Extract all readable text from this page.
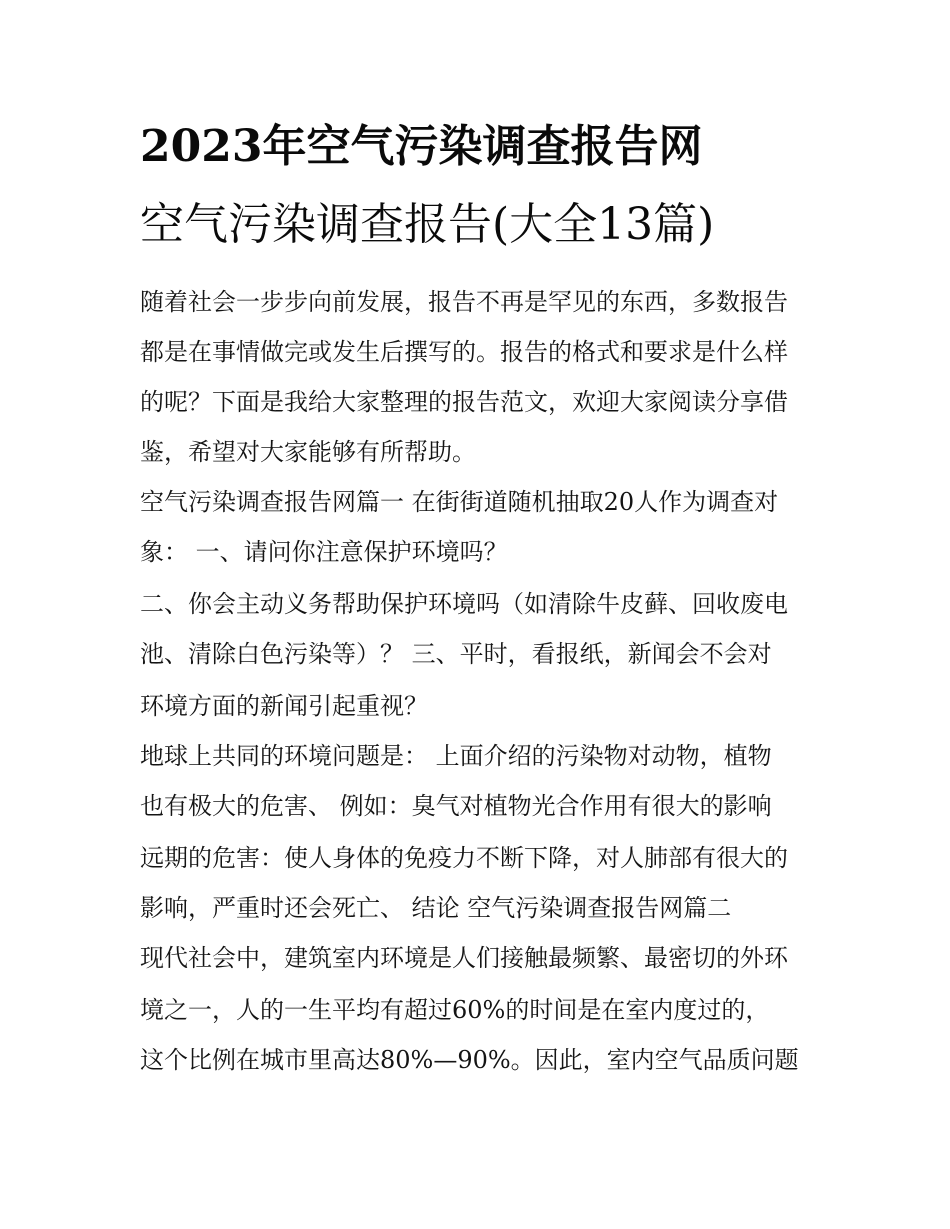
2023年空气污染调查报告网
空气污染调查报告(大全13篇)
随着社会一步步向前发展，报告不再是罕见的东西，多数报告
都是在事情做完或发生后撰写的。报告的格式和要求是什么样
的呢？下面是我给大家整理的报告范文，欢迎大家阅读分享借
鉴，希望对大家能够有所帮助。
空气污染调查报告网篇一 在街街道随机抽取20人作为调查对
象： 一、请问你注意保护环境吗？
二、你会主动义务帮助保护环境吗（如清除牛皮藓、回收废电
池、清除白色污染等）？ 三、平时，看报纸，新闻会不会对
环境方面的新闻引起重视？
地球上共同的环境问题是： 上面介绍的污染物对动物，植物
也有极大的危害、 例如：臭气对植物光合作用有很大的影响
远期的危害：使人身体的免疫力不断下降，对人肺部有很大的
影响，严重时还会死亡、 结论 空气污染调查报告网篇二
现代社会中，建筑室内环境是人们接触最频繁、最密切的外环
境之一，人的一生平均有超过60%的时间是在室内度过的，
这个比例在城市里高达80%—90%。因此，室内空气品质问题
